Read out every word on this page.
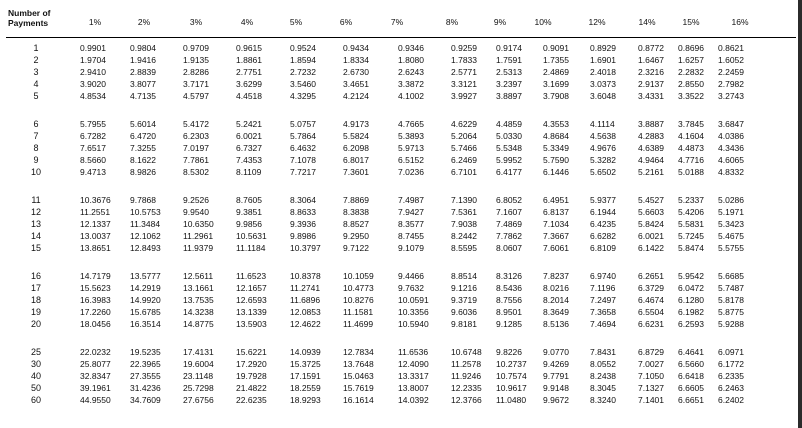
Number of Payments	1%	2%	3%	4%	5%	6%	7%	8%	9%	10%	12%	14%	15%	16%
1	0.9901	0.9804	0.9709	0.9615	0.9524	0.9434	0.9346	0.9259	0.9174	0.9091	0.8929	0.8772	0.8696	0.8621
2	1.9704	1.9416	1.9135	1.8861	1.8594	1.8334	1.8080	1.7833	1.7591	1.7355	1.6901	1.6467	1.6257	1.6052
3	2.9410	2.8839	2.8286	2.7751	2.7232	2.6730	2.6243	2.5771	2.5313	2.4869	2.4018	2.3216	2.2832	2.2459
4	3.9020	3.8077	3.7171	3.6299	3.5460	3.4651	3.3872	3.3121	3.2397	3.1699	3.0373	2.9137	2.8550	2.7982
5	4.8534	4.7135	4.5797	4.4518	4.3295	4.2124	4.1002	3.9927	3.8897	3.7908	3.6048	3.4331	3.3522	3.2743
6	5.7955	5.6014	5.4172	5.2421	5.0757	4.9173	4.7665	4.6229	4.4859	4.3553	4.1114	3.8887	3.7845	3.6847
7	6.7282	6.4720	6.2303	6.0021	5.7864	5.5824	5.3893	5.2064	5.0330	4.8684	4.5638	4.2883	4.1604	4.0386
8	7.6517	7.3255	7.0197	6.7327	6.4632	6.2098	5.9713	5.7466	5.5348	5.3349	4.9676	4.6389	4.4873	4.3436
9	8.5660	8.1622	7.7861	7.4353	7.1078	6.8017	6.5152	6.2469	5.9952	5.7590	5.3282	4.9464	4.7716	4.6065
10	9.4713	8.9826	8.5302	8.1109	7.7217	7.3601	7.0236	6.7101	6.4177	6.1446	5.6502	5.2161	5.0188	4.8332
11	10.3676	9.7868	9.2526	8.7605	8.3064	7.8869	7.4987	7.1390	6.8052	6.4951	5.9377	5.4527	5.2337	5.0286
12	11.2551	10.5753	9.9540	9.3851	8.8633	8.3838	7.9427	7.5361	7.1607	6.8137	6.1944	5.6603	5.4206	5.1971
13	12.1337	11.3484	10.6350	9.9856	9.3936	8.8527	8.3577	7.9038	7.4869	7.1034	6.4235	5.8424	5.5831	5.3423
14	13.0037	12.1062	11.2961	10.5631	9.8986	9.2950	8.7455	8.2442	7.7862	7.3667	6.6282	6.0021	5.7245	5.4675
15	13.8651	12.8493	11.9379	11.1184	10.3797	9.7122	9.1079	8.5595	8.0607	7.6061	6.8109	6.1422	5.8474	5.5755
16	14.7179	13.5777	12.5611	11.6523	10.8378	10.1059	9.4466	8.8514	8.3126	7.8237	6.9740	6.2651	5.9542	5.6685
17	15.5623	14.2919	13.1661	12.1657	11.2741	10.4773	9.7632	9.1216	8.5436	8.0216	7.1196	6.3729	6.0472	5.7487
18	16.3983	14.9920	13.7535	12.6593	11.6896	10.8276	10.0591	9.3719	8.7556	8.2014	7.2497	6.4674	6.1280	5.8178
19	17.2260	15.6785	14.3238	13.1339	12.0853	11.1581	10.3356	9.6036	8.9501	8.3649	7.3658	6.5504	6.1982	5.8775
20	18.0456	16.3514	14.8775	13.5903	12.4622	11.4699	10.5940	9.8181	9.1285	8.5136	7.4694	6.6231	6.2593	5.9288
25	22.0232	19.5235	17.4131	15.6221	14.0939	12.7834	11.6536	10.6748	9.8226	9.0770	7.8431	6.8729	6.4641	6.0971
30	25.8077	22.3965	19.6004	17.2920	15.3725	13.7648	12.4090	11.2578	10.2737	9.4269	8.0552	7.0027	6.5660	6.1772
40	32.8347	27.3555	23.1148	19.7928	17.1591	15.0463	13.3317	11.9246	10.7574	9.7791	8.2438	7.1050	6.6418	6.2335
50	39.1961	31.4236	25.7298	21.4822	18.2559	15.7619	13.8007	12.2335	10.9617	9.9148	8.3045	7.1327	6.6605	6.2463
60	44.9550	34.7609	27.6756	22.6235	18.9293	16.1614	14.0392	12.3766	11.0480	9.9672	8.3240	7.1401	6.6651	6.2402
